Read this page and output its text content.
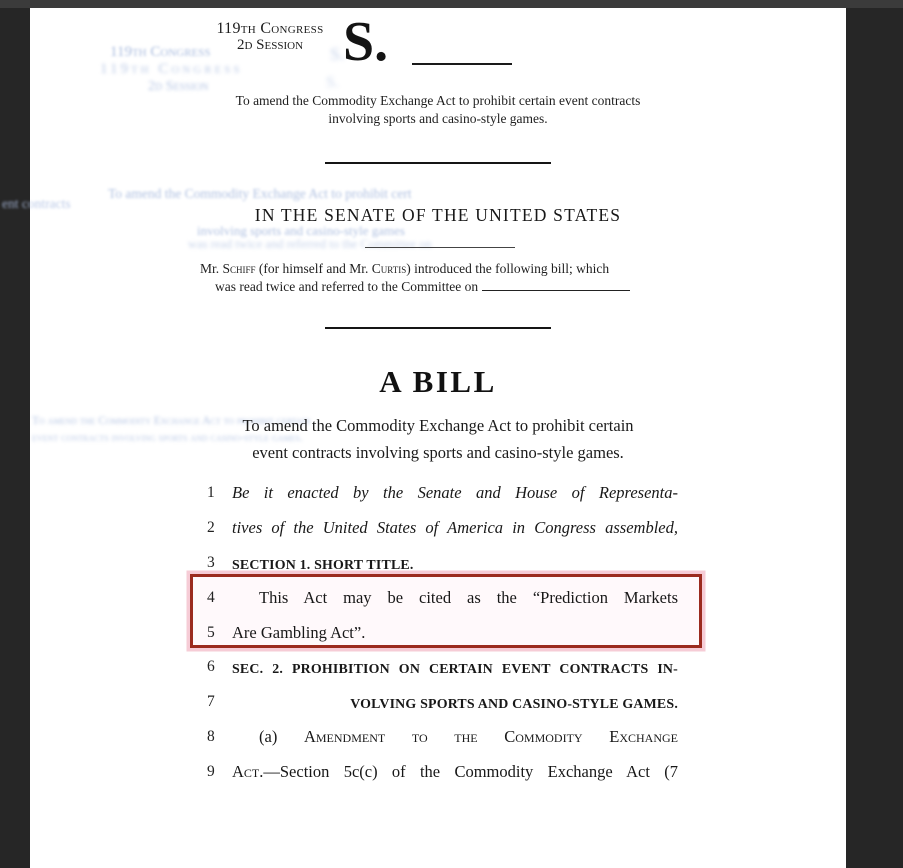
119th Congress
119th Congress
2d Session
S.
S.
To amend the Commodity Exchange Act to prohibit cert
involving sports and casino-style games
was read twice and referred to the Committee on
To amend the Commodity Exchange Act to prohibit certain
event contracts involving sports and casino-style games.
119th Congress
2d Session S.
To amend the Commodity Exchange Act to prohibit certain event contracts
involving sports and casino-style games.
IN THE SENATE OF THE UNITED STATES
Mr. Schiff (for himself and Mr. Curtis) introduced the following bill; which
was read twice and referred to the Committee on
A BILL
To amend the Commodity Exchange Act to prohibit certain
event contracts involving sports and casino-style games.
1	Be it enacted by the Senate and House of Representa-
2	tives of the United States of America in Congress assembled,
3	SECTION 1. SHORT TITLE.
4	This Act may be cited as the “Prediction Markets
5	Are Gambling Act”.
6	SEC. 2. PROHIBITION ON CERTAIN EVENT CONTRACTS IN-
7	VOLVING SPORTS AND CASINO-STYLE GAMES.
8	(a) Amendment to the Commodity Exchange
9	Act.—Section 5c(c) of the Commodity Exchange Act (7
ent contracts
